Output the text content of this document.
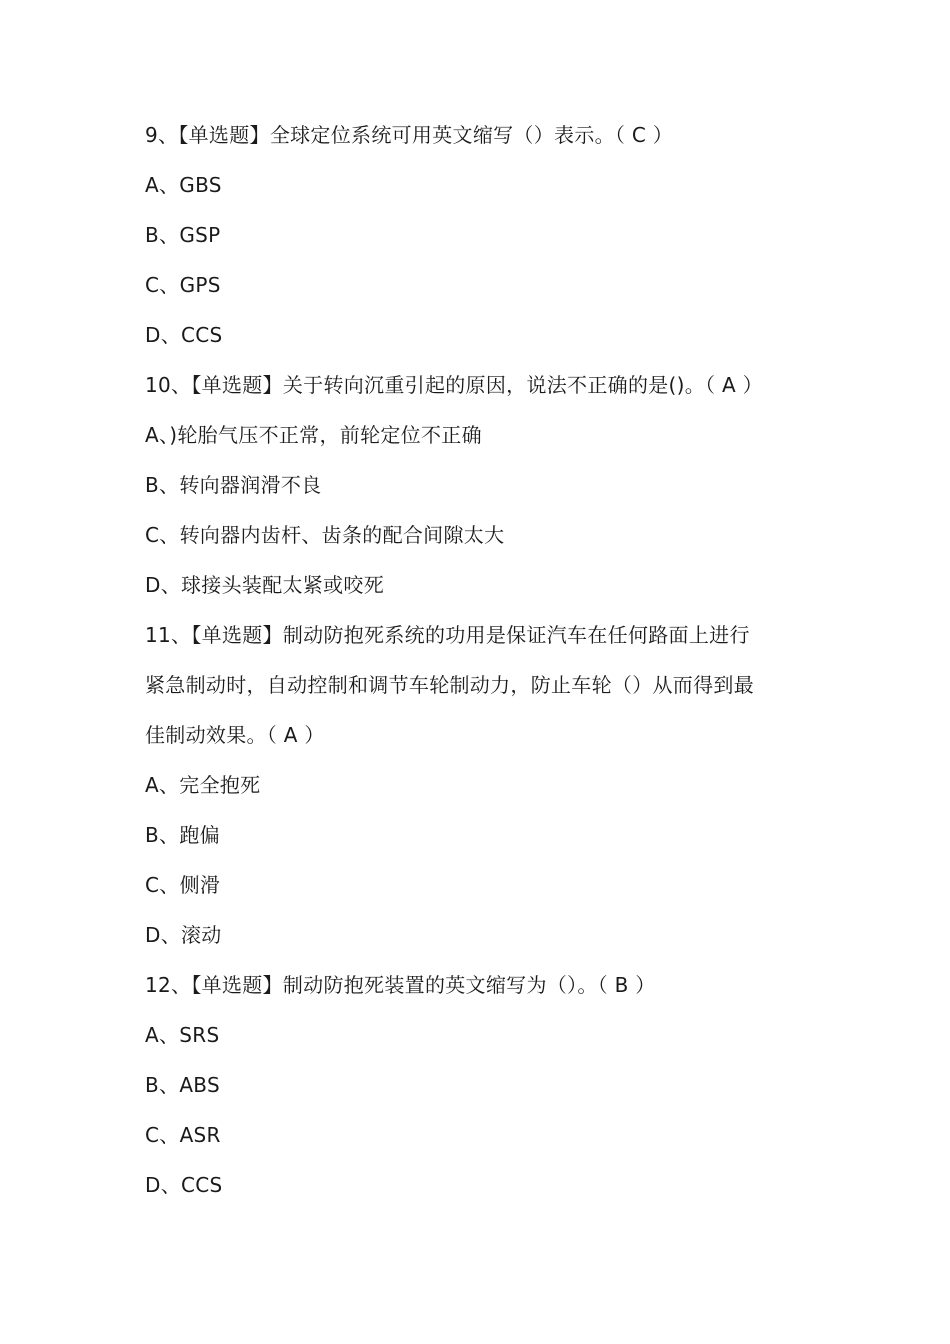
9、【单选题】全球定位系统可用英文缩写（）表示。（ C ）
A、GBS
B、GSP
C、GPS
D、CCS
10、【单选题】关于转向沉重引起的原因，说法不正确的是()。（ A ）
A、)轮胎气压不正常，前轮定位不正确
B、转向器润滑不良
C、转向器内齿杆、齿条的配合间隙太大
D、球接头装配太紧或咬死
11、【单选题】制动防抱死系统的功用是保证汽车在任何路面上进行
紧急制动时，自动控制和调节车轮制动力，防止车轮（）从而得到最
佳制动效果。（ A ）
A、完全抱死
B、跑偏
C、侧滑
D、滚动
12、【单选题】制动防抱死装置的英文缩写为（）。（ B ）
A、SRS
B、ABS
C、ASR
D、CCS
